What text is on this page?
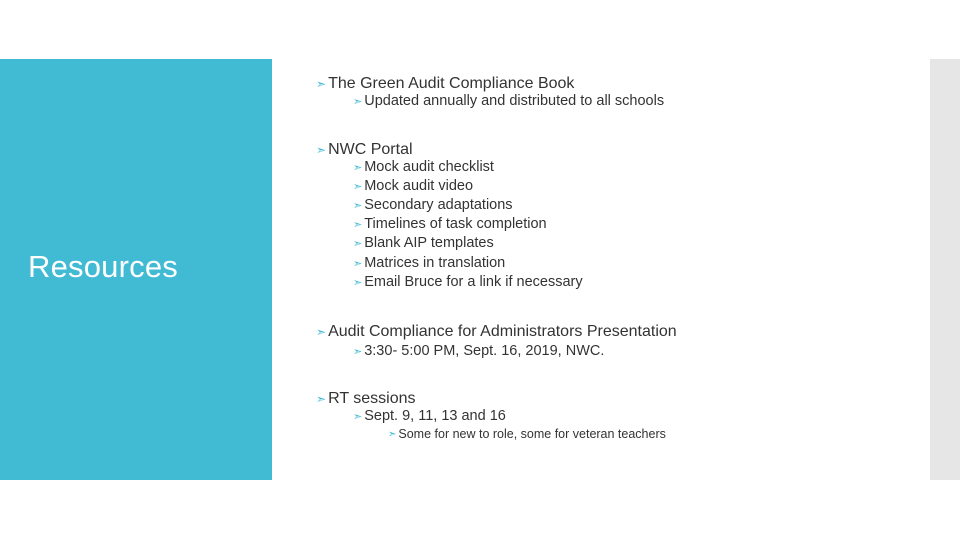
Resources
➣ The Green Audit Compliance Book
➣ Updated annually and distributed to all schools
➣ NWC Portal
➣ Mock audit checklist
➣ Mock audit video
➣ Secondary adaptations
➣ Timelines of task completion
➣ Blank AIP templates
➣ Matrices in translation
➣ Email Bruce for a link if necessary
➣ Audit Compliance for Administrators Presentation
➣ 3:30- 5:00 PM, Sept. 16, 2019, NWC.
➣ RT sessions
➣ Sept. 9, 11, 13 and 16
➣ Some for new to role, some for veteran teachers
